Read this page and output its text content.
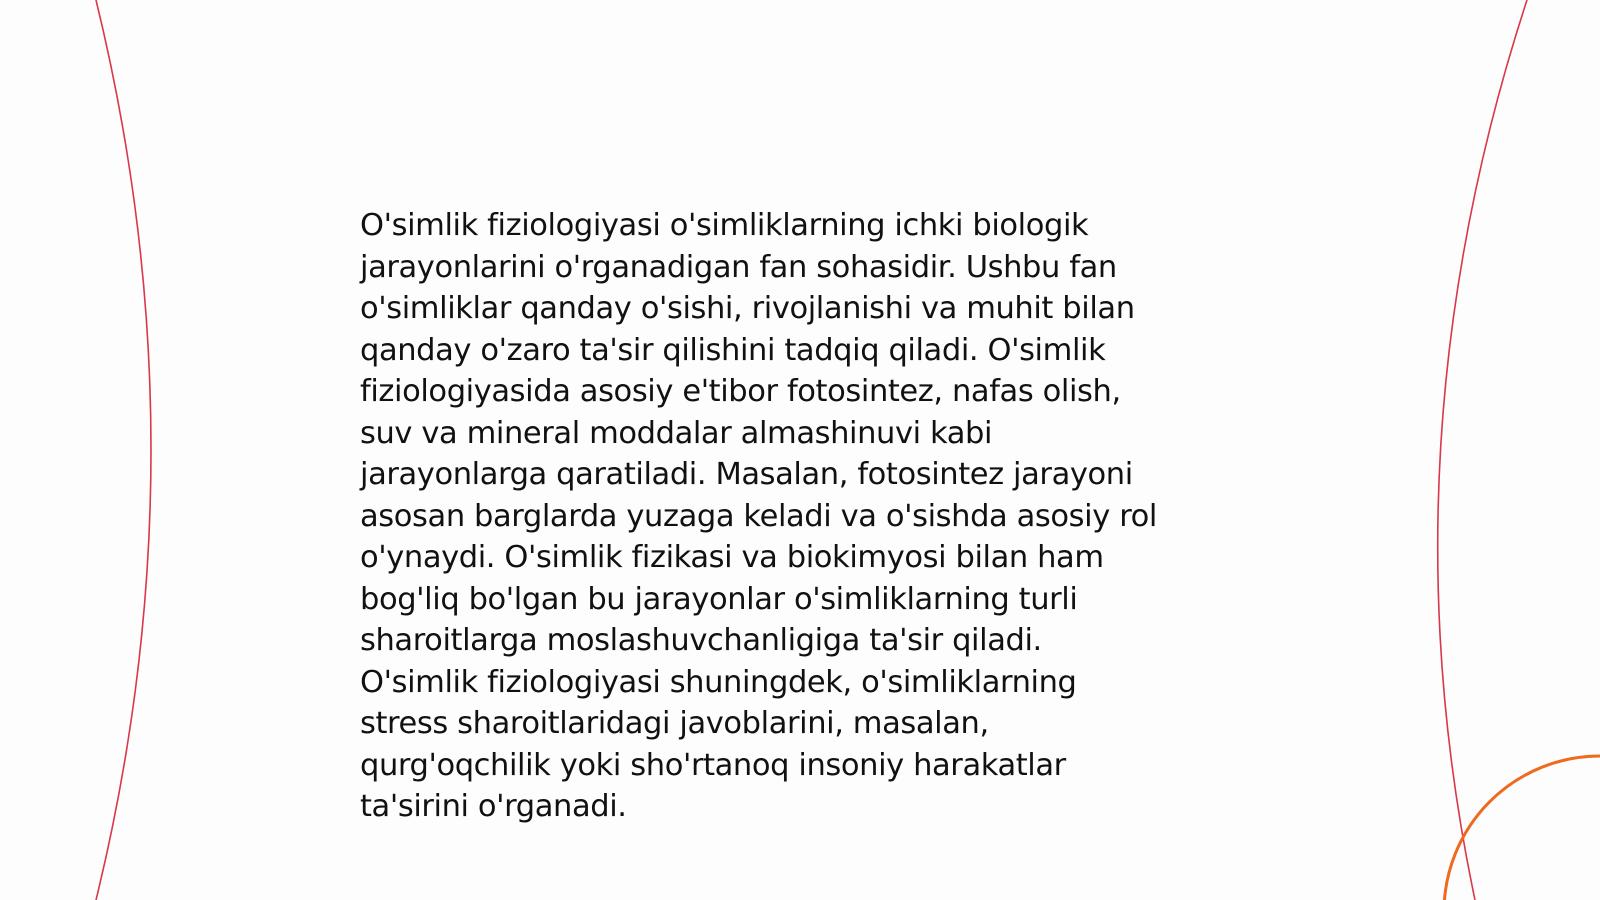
O'simlik fiziologiyasi o'simliklarning ichki biologik
jarayonlarini o'rganadigan fan sohasidir. Ushbu fan
o'simliklar qanday o'sishi, rivojlanishi va muhit bilan
qanday o'zaro ta'sir qilishini tadqiq qiladi. O'simlik
fiziologiyasida asosiy e'tibor fotosintez, nafas olish,
suv va mineral moddalar almashinuvi kabi
jarayonlarga qaratiladi. Masalan, fotosintez jarayoni
asosan barglarda yuzaga keladi va o'sishda asosiy rol
o'ynaydi. O'simlik fizikasi va biokimyosi bilan ham
bog'liq bo'lgan bu jarayonlar o'simliklarning turli
sharoitlarga moslashuvchanligiga ta'sir qiladi.
O'simlik fiziologiyasi shuningdek, o'simliklarning
stress sharoitlaridagi javoblarini, masalan,
qurg'oqchilik yoki sho'rtanoq insoniy harakatlar
ta'sirini o'rganadi.
